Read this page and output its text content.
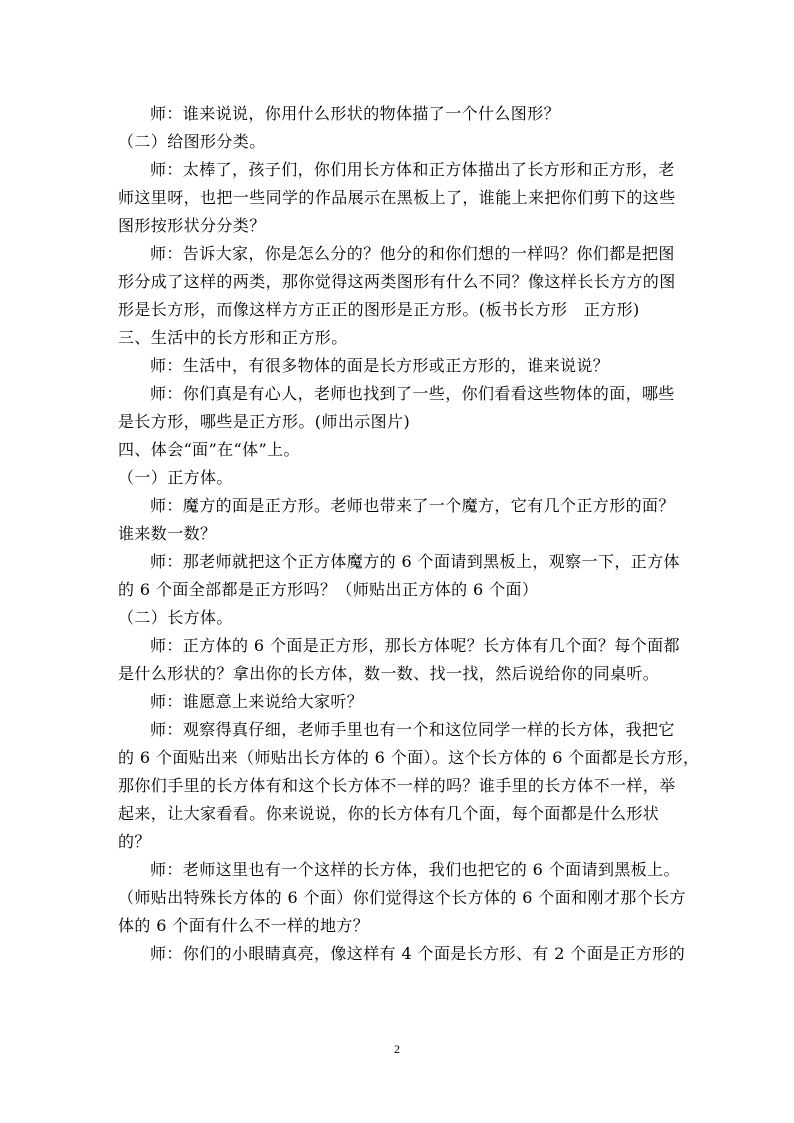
师：谁来说说，你用什么形状的物体描了一个什么图形？
（二）给图形分类。
师：太棒了，孩子们，你们用长方体和正方体描出了长方形和正方形，老
师这里呀，也把一些同学的作品展示在黑板上了，谁能上来把你们剪下的这些
图形按形状分分类？
师：告诉大家，你是怎么分的？他分的和你们想的一样吗？你们都是把图
形分成了这样的两类，那你觉得这两类图形有什么不同？像这样长长方方的图
形是长方形，而像这样方方正正的图形是正方形。(板书长方形　正方形)
三、生活中的长方形和正方形。
师：生活中，有很多物体的面是长方形或正方形的，谁来说说？
师：你们真是有心人，老师也找到了一些，你们看看这些物体的面，哪些
是长方形，哪些是正方形。(师出示图片)
四、体会“面”在“体”上。
（一）正方体。
师：魔方的面是正方形。老师也带来了一个魔方，它有几个正方形的面？
谁来数一数？
师：那老师就把这个正方体魔方的 6 个面请到黑板上，观察一下，正方体
的 6 个面全部都是正方形吗？（师贴出正方体的 6 个面）
（二）长方体。
师：正方体的 6 个面是正方形，那长方体呢？长方体有几个面？每个面都
是什么形状的？拿出你的长方体，数一数、找一找，然后说给你的同桌听。
师：谁愿意上来说给大家听？
师：观察得真仔细，老师手里也有一个和这位同学一样的长方体，我把它
的 6 个面贴出来（师贴出长方体的 6 个面）。这个长方体的 6 个面都是长方形，
那你们手里的长方体有和这个长方体不一样的吗？谁手里的长方体不一样，举
起来，让大家看看。你来说说，你的长方体有几个面，每个面都是什么形状
的？
师：老师这里也有一个这样的长方体，我们也把它的 6 个面请到黑板上。
（师贴出特殊长方体的 6 个面）你们觉得这个长方体的 6 个面和刚才那个长方
体的 6 个面有什么不一样的地方？
师：你们的小眼睛真亮，像这样有 4 个面是长方形、有 2 个面是正方形的
2
